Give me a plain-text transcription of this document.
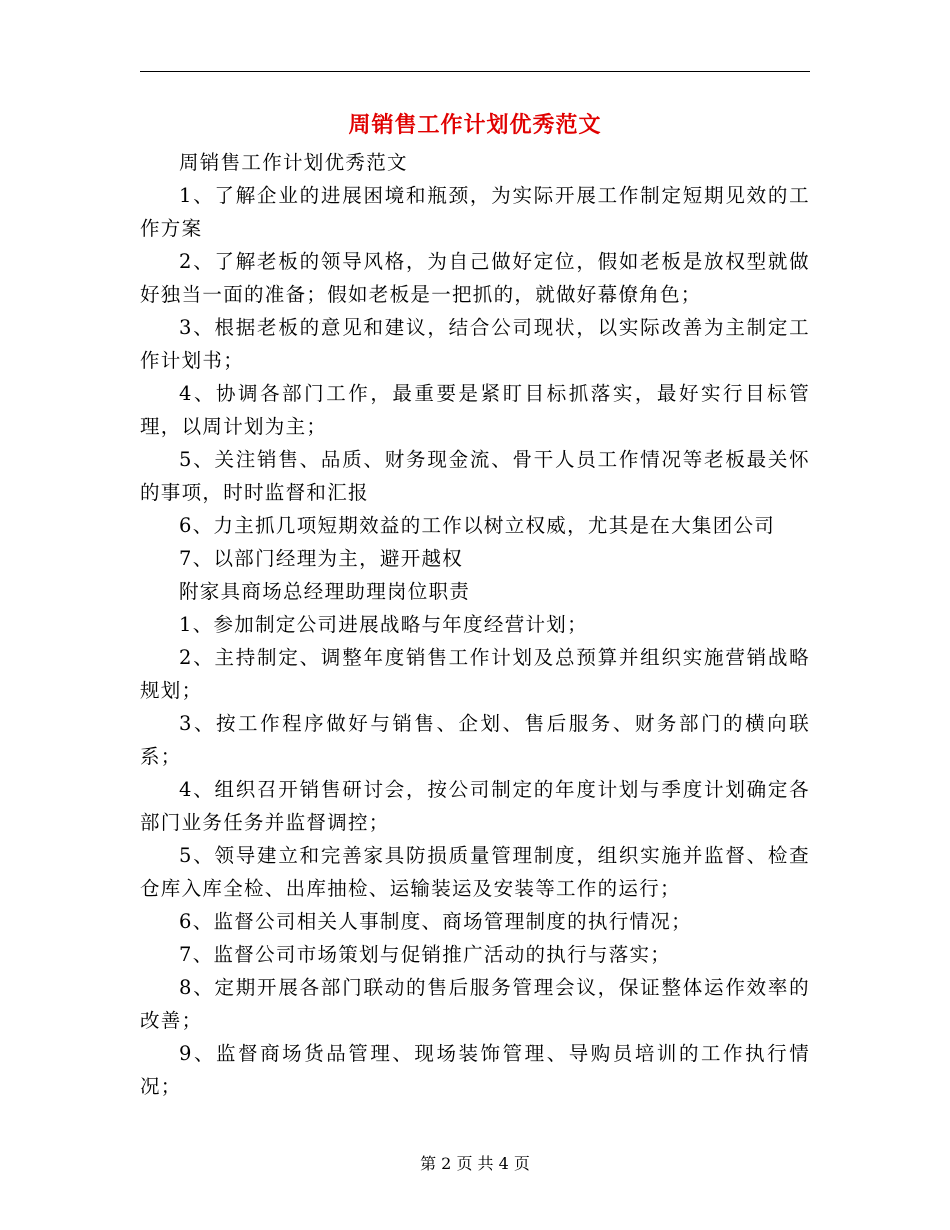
周销售工作计划优秀范文

周销售工作计划优秀范文

1、了解企业的进展困境和瓶颈，为实际开展工作制定短期见效的工作方案

2、了解老板的领导风格，为自己做好定位，假如老板是放权型就做好独当一面的准备；假如老板是一把抓的，就做好幕僚角色；

3、根据老板的意见和建议，结合公司现状，以实际改善为主制定工作计划书；

4、协调各部门工作，最重要是紧盯目标抓落实，最好实行目标管理，以周计划为主；

5、关注销售、品质、财务现金流、骨干人员工作情况等老板最关怀的事项，时时监督和汇报

6、力主抓几项短期效益的工作以树立权威，尤其是在大集团公司

7、以部门经理为主，避开越权

附家具商场总经理助理岗位职责

1、参加制定公司进展战略与年度经营计划；

2、主持制定、调整年度销售工作计划及总预算并组织实施营销战略规划；

3、按工作程序做好与销售、企划、售后服务、财务部门的横向联系；

4、组织召开销售研讨会，按公司制定的年度计划与季度计划确定各部门业务任务并监督调控；

5、领导建立和完善家具防损质量管理制度，组织实施并监督、检查仓库入库全检、出库抽检、运输装运及安装等工作的运行；

6、监督公司相关人事制度、商场管理制度的执行情况；

7、监督公司市场策划与促销推广活动的执行与落实；

8、定期开展各部门联动的售后服务管理会议，保证整体运作效率的改善；

9、监督商场货品管理、现场装饰管理、导购员培训的工作执行情况；

第 2 页 共 4 页
